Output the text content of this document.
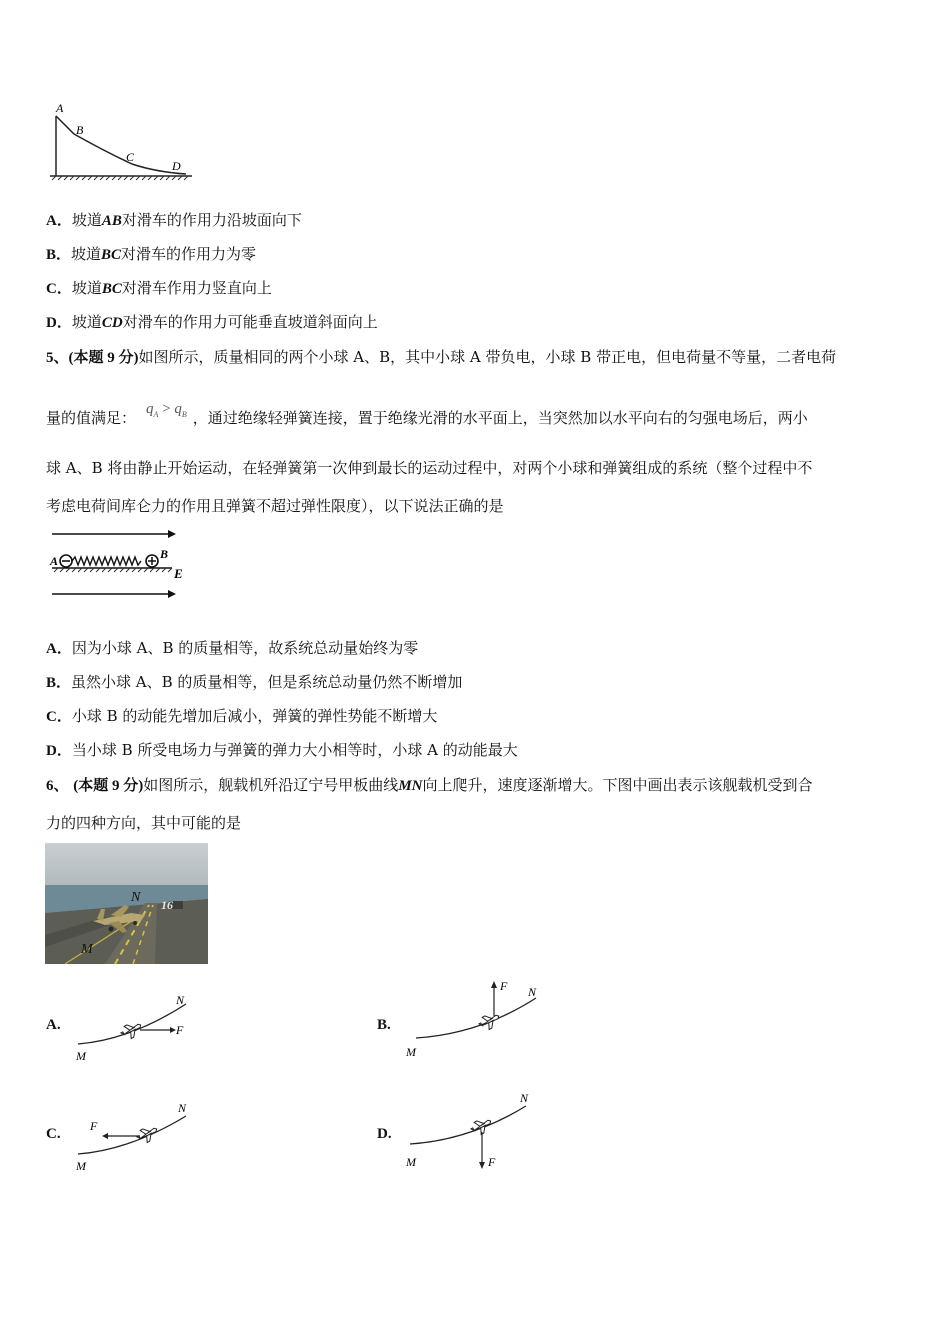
A
B
C
D
A．坡道AB对滑车的作用力沿坡面向下
B．坡道BC对滑车的作用力为零
C．坡道BC对滑车作用力竖直向上
D．坡道CD对滑车的作用力可能垂直坡道斜面向上
5、(本题 9 分)如图所示，质量相同的两个小球 A、B，其中小球 A 带负电，小球 B 带正电，但电荷量不等量，二者电荷
量的值满足： $q_A > q_B$ ，通过绝缘轻弹簧连接，置于绝缘光滑的水平面上，当突然加以水平向右的匀强电场后，两小
球 A、B 将由静止开始运动，在轻弹簧第一次伸到最长的运动过程中，对两个小球和弹簧组成的系统（整个过程中不
考虑电荷间库仑力的作用且弹簧不超过弹性限度），以下说法正确的是
A	B
E
A．因为小球 A、B 的质量相等，故系统总动量始终为零
B．虽然小球 A、B 的质量相等，但是系统总动量仍然不断增加
C．小球 B 的动能先增加后减小，弹簧的弹性势能不断增大
D．当小球 B 所受电场力与弹簧的弹力大小相等时，小球 A 的动能最大
6、 (本题 9 分)如图所示，舰载机歼沿辽宁号甲板曲线MN向上爬升，速度逐渐增大。下图中画出表示该舰载机受到合
力的四种方向，其中可能的是
16
N
M
A.	F
N
M
B.
F N
M
C. F
N
M
D.
F
N
M
